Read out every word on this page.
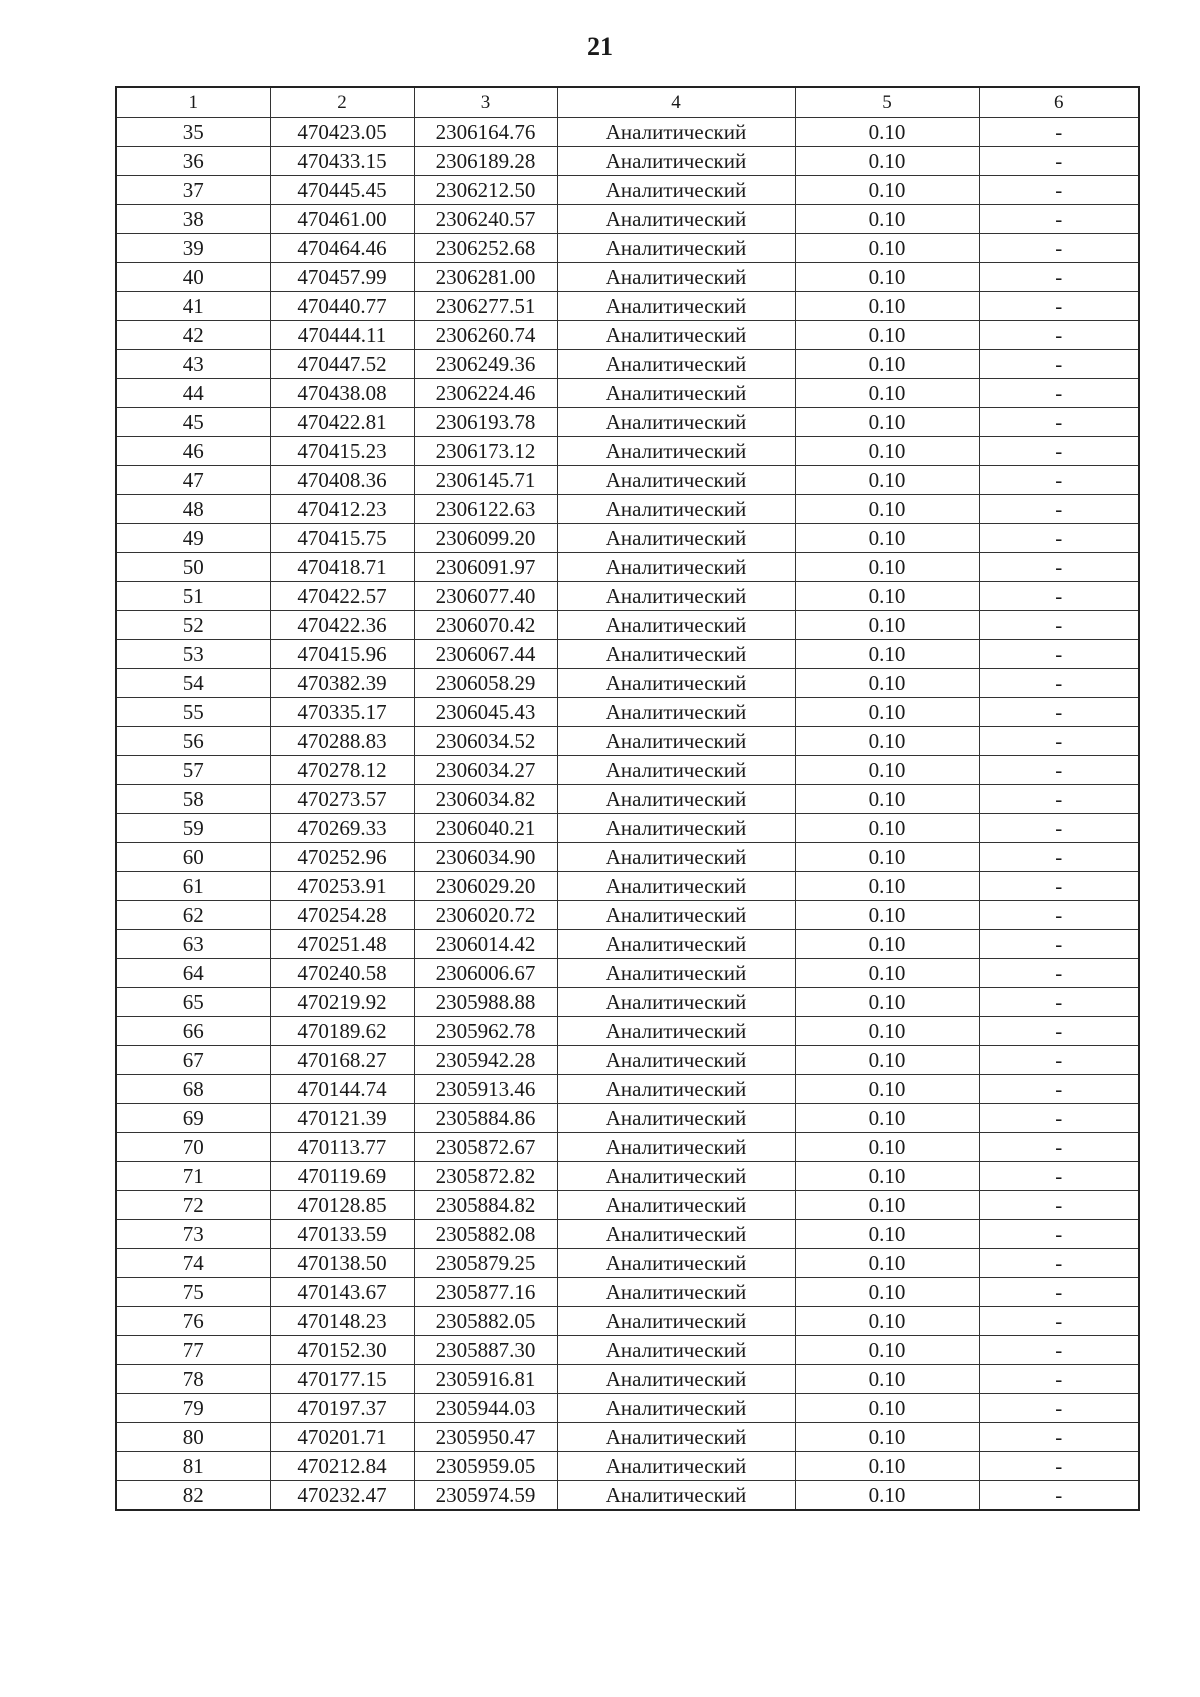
21
1	2	3	4	5	6
35	470423.05	2306164.76	Аналитический	0.10	-
36	470433.15	2306189.28	Аналитический	0.10	-
37	470445.45	2306212.50	Аналитический	0.10	-
38	470461.00	2306240.57	Аналитический	0.10	-
39	470464.46	2306252.68	Аналитический	0.10	-
40	470457.99	2306281.00	Аналитический	0.10	-
41	470440.77	2306277.51	Аналитический	0.10	-
42	470444.11	2306260.74	Аналитический	0.10	-
43	470447.52	2306249.36	Аналитический	0.10	-
44	470438.08	2306224.46	Аналитический	0.10	-
45	470422.81	2306193.78	Аналитический	0.10	-
46	470415.23	2306173.12	Аналитический	0.10	-
47	470408.36	2306145.71	Аналитический	0.10	-
48	470412.23	2306122.63	Аналитический	0.10	-
49	470415.75	2306099.20	Аналитический	0.10	-
50	470418.71	2306091.97	Аналитический	0.10	-
51	470422.57	2306077.40	Аналитический	0.10	-
52	470422.36	2306070.42	Аналитический	0.10	-
53	470415.96	2306067.44	Аналитический	0.10	-
54	470382.39	2306058.29	Аналитический	0.10	-
55	470335.17	2306045.43	Аналитический	0.10	-
56	470288.83	2306034.52	Аналитический	0.10	-
57	470278.12	2306034.27	Аналитический	0.10	-
58	470273.57	2306034.82	Аналитический	0.10	-
59	470269.33	2306040.21	Аналитический	0.10	-
60	470252.96	2306034.90	Аналитический	0.10	-
61	470253.91	2306029.20	Аналитический	0.10	-
62	470254.28	2306020.72	Аналитический	0.10	-
63	470251.48	2306014.42	Аналитический	0.10	-
64	470240.58	2306006.67	Аналитический	0.10	-
65	470219.92	2305988.88	Аналитический	0.10	-
66	470189.62	2305962.78	Аналитический	0.10	-
67	470168.27	2305942.28	Аналитический	0.10	-
68	470144.74	2305913.46	Аналитический	0.10	-
69	470121.39	2305884.86	Аналитический	0.10	-
70	470113.77	2305872.67	Аналитический	0.10	-
71	470119.69	2305872.82	Аналитический	0.10	-
72	470128.85	2305884.82	Аналитический	0.10	-
73	470133.59	2305882.08	Аналитический	0.10	-
74	470138.50	2305879.25	Аналитический	0.10	-
75	470143.67	2305877.16	Аналитический	0.10	-
76	470148.23	2305882.05	Аналитический	0.10	-
77	470152.30	2305887.30	Аналитический	0.10	-
78	470177.15	2305916.81	Аналитический	0.10	-
79	470197.37	2305944.03	Аналитический	0.10	-
80	470201.71	2305950.47	Аналитический	0.10	-
81	470212.84	2305959.05	Аналитический	0.10	-
82	470232.47	2305974.59	Аналитический	0.10	-
